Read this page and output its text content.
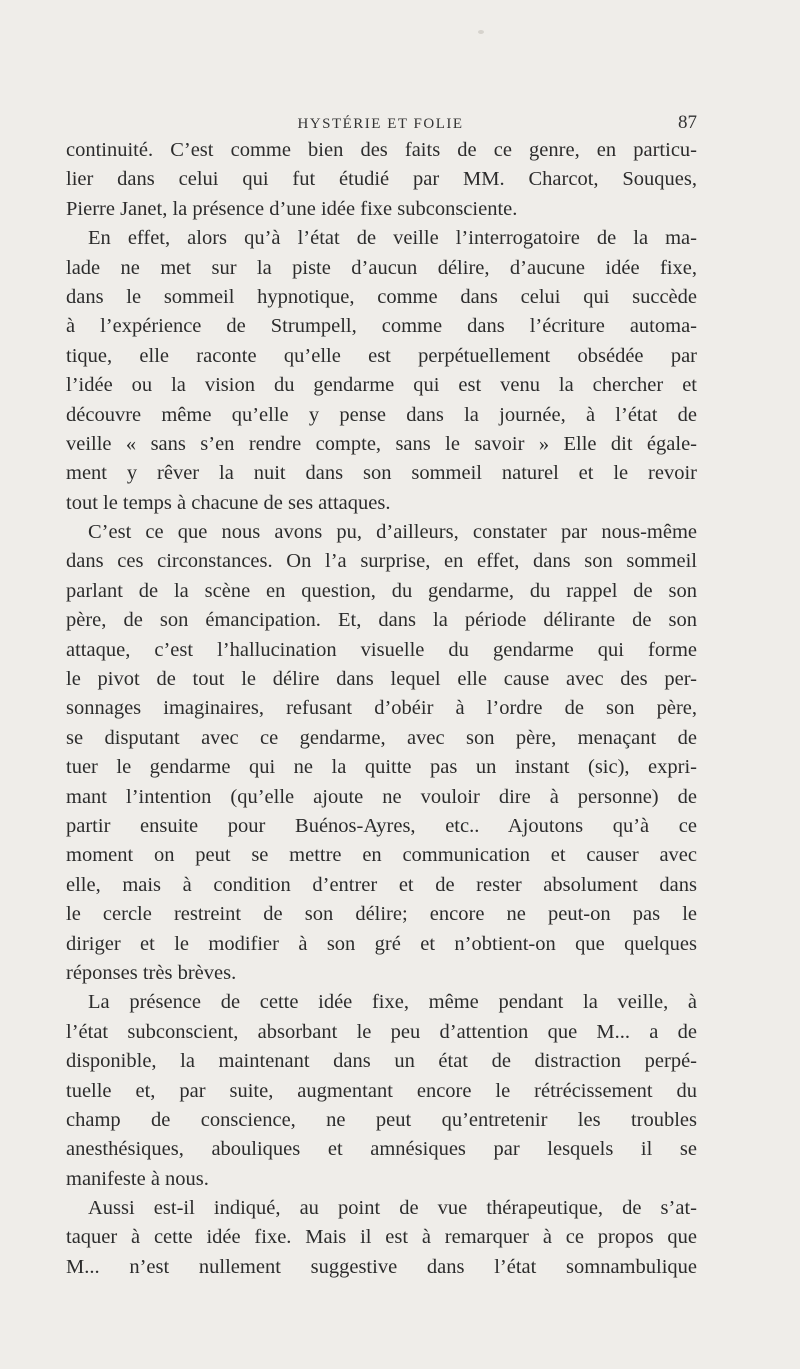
HYSTÉRIE ET FOLIE	87
continuité. C’est comme bien des faits de ce genre, en particu-
lier dans celui qui fut étudié par MM. Charcot, Souques,
Pierre Janet, la présence d’une idée fixe subconsciente.
En effet, alors qu’à l’état de veille l’interrogatoire de la ma-
lade ne met sur la piste d’aucun délire, d’aucune idée fixe,
dans le sommeil hypnotique, comme dans celui qui succède
à l’expérience de Strumpell, comme dans l’écriture automa-
tique, elle raconte qu’elle est perpétuellement obsédée par
l’idée ou la vision du gendarme qui est venu la chercher et
découvre même qu’elle y pense dans la journée, à l’état de
veille « sans s’en rendre compte, sans le savoir » Elle dit égale-
ment y rêver la nuit dans son sommeil naturel et le revoir
tout le temps à chacune de ses attaques.
C’est ce que nous avons pu, d’ailleurs, constater par nous-même
dans ces circonstances. On l’a surprise, en effet, dans son sommeil
parlant de la scène en question, du gendarme, du rappel de son
père, de son émancipation. Et, dans la période délirante de son
attaque, c’est l’hallucination visuelle du gendarme qui forme
le pivot de tout le délire dans lequel elle cause avec des per-
sonnages imaginaires, refusant d’obéir à l’ordre de son père,
se disputant avec ce gendarme, avec son père, menaçant de
tuer le gendarme qui ne la quitte pas un instant (sic), expri-
mant l’intention (qu’elle ajoute ne vouloir dire à personne) de
partir ensuite pour Buénos-Ayres, etc.. Ajoutons qu’à ce
moment on peut se mettre en communication et causer avec
elle, mais à condition d’entrer et de rester absolument dans
le cercle restreint de son délire; encore ne peut-on pas le
diriger et le modifier à son gré et n’obtient-on que quelques
réponses très brèves.
La présence de cette idée fixe, même pendant la veille, à
l’état subconscient, absorbant le peu d’attention que M... a de
disponible, la maintenant dans un état de distraction perpé-
tuelle et, par suite, augmentant encore le rétrécissement du
champ de conscience, ne peut qu’entretenir les troubles
anesthésiques, abouliques et amnésiques par lesquels il se
manifeste à nous.
Aussi est-il indiqué, au point de vue thérapeutique, de s’at-
taquer à cette idée fixe. Mais il est à remarquer à ce propos que
M... n’est nullement suggestive dans l’état somnambulique
